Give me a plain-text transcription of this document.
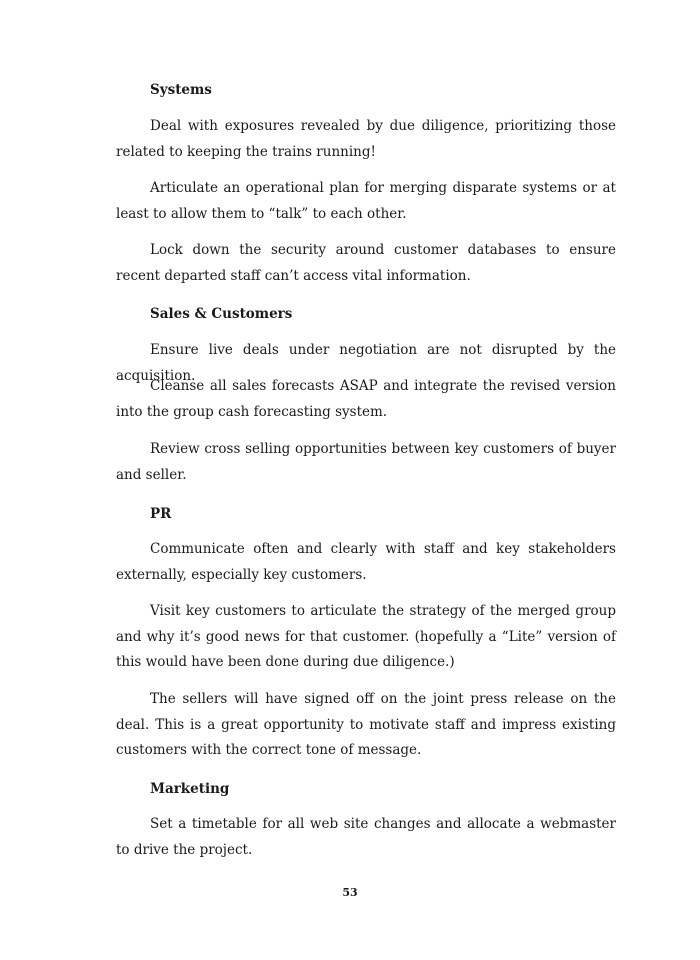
Systems

Deal with exposures revealed by due diligence, prioritizing those related to keeping the trains running!

Articulate an operational plan for merging disparate systems or at least to allow them to “talk” to each other.

Lock down the security around customer databases to ensure recent departed staff can’t access vital information.

Sales & Customers

Ensure live deals under negotiation are not disrupted by the acquisition.

Cleanse all sales forecasts ASAP and integrate the revised version into the group cash forecasting system.

Review cross selling opportunities between key customers of buyer and seller.

PR

Communicate often and clearly with staff and key stakeholders externally, especially key customers.

Visit key customers to articulate the strategy of the merged group and why it’s good news for that customer. (hopefully a “Lite” version of this would have been done during due diligence.)

The sellers will have signed off on the joint press release on the deal. This is a great opportunity to motivate staff and impress existing customers with the correct tone of message.

Marketing

Set a timetable for all web site changes and allocate a webmaster to drive the project.

53
